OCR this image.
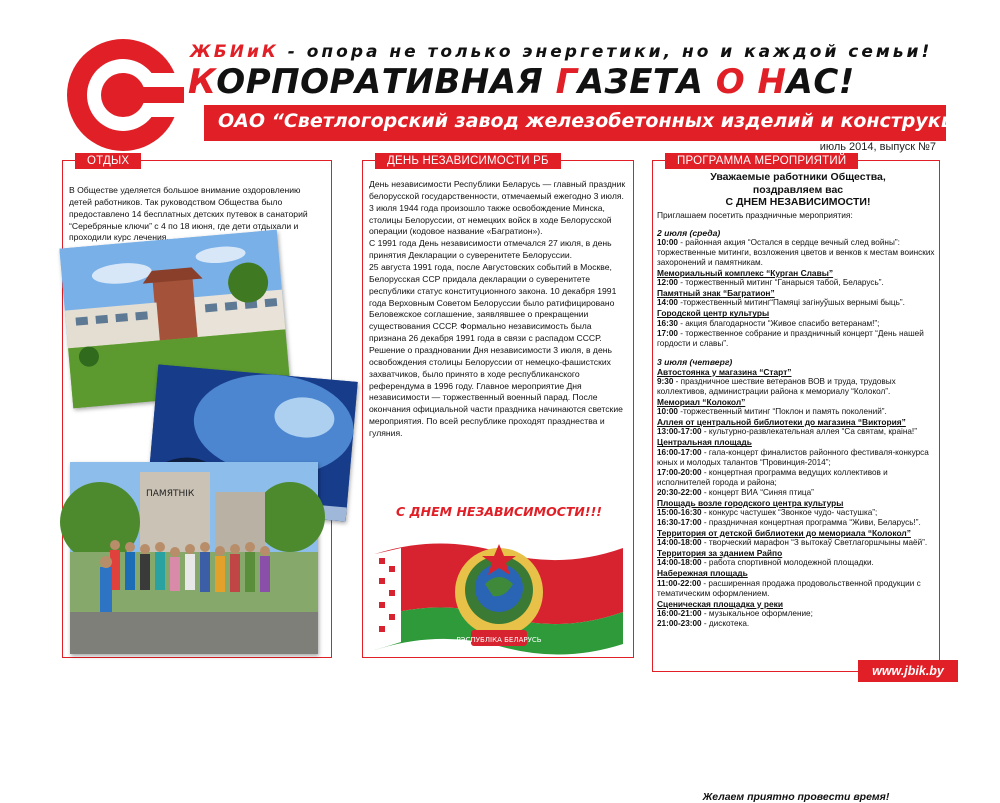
ЖБИиК - опора не только энергетики, но и каждой семьи!
КОРПОРАТИВНАЯ ГАЗЕТА О НАС!
ОАО “Светлогорский завод железобетонных изделий и конструкций”
июль 2014, выпуск №7
ОТДЫХ
В Обществе уделяется большое внимание оздоровлению детей работников. Так руководством Общества было предоставлено 14 бесплатных детских путевок в санаторий “Серебряные ключи” с 4 по 18 июня, где дети отдыхали и проходили курс лечения.
ПАМЯТНIК
ДЕНЬ НЕЗАВИСИМОСТИ РБ

День независимости Республики Беларусь — главный праздник белорусской государственности, отмечаемый ежегодно 3 июля.

3 июля 1944 года произошло также освобождение Минска, столицы Белоруссии, от немецких войск в ходе Белорусской операции (кодовое название «Багратион»).

С 1991 года День независимости отмечался 27 июля, в день принятия Декларации о суверенитете Белоруссии.

25 августа 1991 года, после Августовских событий в Москве, Белорусская ССР придала декларации о суверенитете республики статус конституционного закона. 10 декабря 1991 года Верховным Советом Белоруссии было ратифицировано Беловежское соглашение, заявлявшее о прекращении существования СССР. Формально независимость была признана 26 декабря 1991 года в связи с распадом СССР.

Решение о праздновании Дня независимости 3 июля, в день освобождения столицы Белоруссии от немецко-фашистских захватчиков, было принято в ходе республиканского референдума в 1996 году. Главное мероприятие Дня независимости — торжественный военный парад. После окончания официальной части праздника начинаются светские мероприятия. По всей республике проходят празднества и гуляния.

С ДНЕМ НЕЗАВИСИМОСТИ!!!
РЭСПУБЛІКА БЕЛАРУСЬ
ПРОГРАММА МЕРОПРИЯТИЙ
Уважаемые работники Общества,
поздравляем вас
С ДНЕМ НЕЗАВИСИМОСТИ!
Приглашаем посетить праздничные мероприятия:
2 июля (среда)
10:00 - районная акция “Остался в сердце вечный след войны”: торжественные митинги, возложения цветов и венков к местам воинских захоронений и памятникам.
Мемориальный комплекс “Курган Славы”
12:00 - торжественный митинг “Ганарыся табой, Беларусь”.
Памятный знак “Багратион”
14:00 -торжественный митинг“Памяці загінуўшых вернымі быць”.
Городской центр культуры
16:30 - акция благодарности “Живое спасибо ветеранам!”;
17:00 - торжественное собрание и праздничный концерт “День нашей гордости и славы”.
3 июля (четверг)
Автостоянка у магазина “Старт”
9:30 - праздничное шествие ветеранов ВОВ и труда, трудовых коллективов, администрации района к мемориалу “Колокол”.
Мемориал “Колокол”
10:00 -торжественный митинг “Поклон и память поколений”.
Аллея от центральной библиотеки до магазина “Виктория”
13:00-17:00 - культурно-развлекательная аллея “Са святам, краіна!”
Центральная площадь
16:00-17:00 - гала-концерт финалистов районного фестиваля-конкурса юных и молодых талантов “Провинция-2014”;
17:00-20:00 - концертная программа ведущих коллективов и исполнителей города и района;
20:30-22:00 - концерт ВИА “Синяя птица”
Площадь возле городского центра культуры
15:00-16:30 - конкурс частушек “Звонкое чудо- частушка”;
16:30-17:00 - праздничная концертная программа “Живи, Беларусь!”.
Территория от детской библиотеки до мемориала “Колокол”
14:00-18:00 - творческий марафон “З вытокаў Светлагоршчыны маёй”.
Территория за зданием Райпо
14:00-18:00 - работа спортивной молодежной площадки.
Набережная площадь
11:00-22:00 - расширенная продажа продовольственной продукции с тематическим оформлением.
Сценическая площадка у реки
16:00-21:00 - музыкальное оформление;
21:00-23:00 - дискотека.
Желаем приятно провести время!
www.jbik.by
